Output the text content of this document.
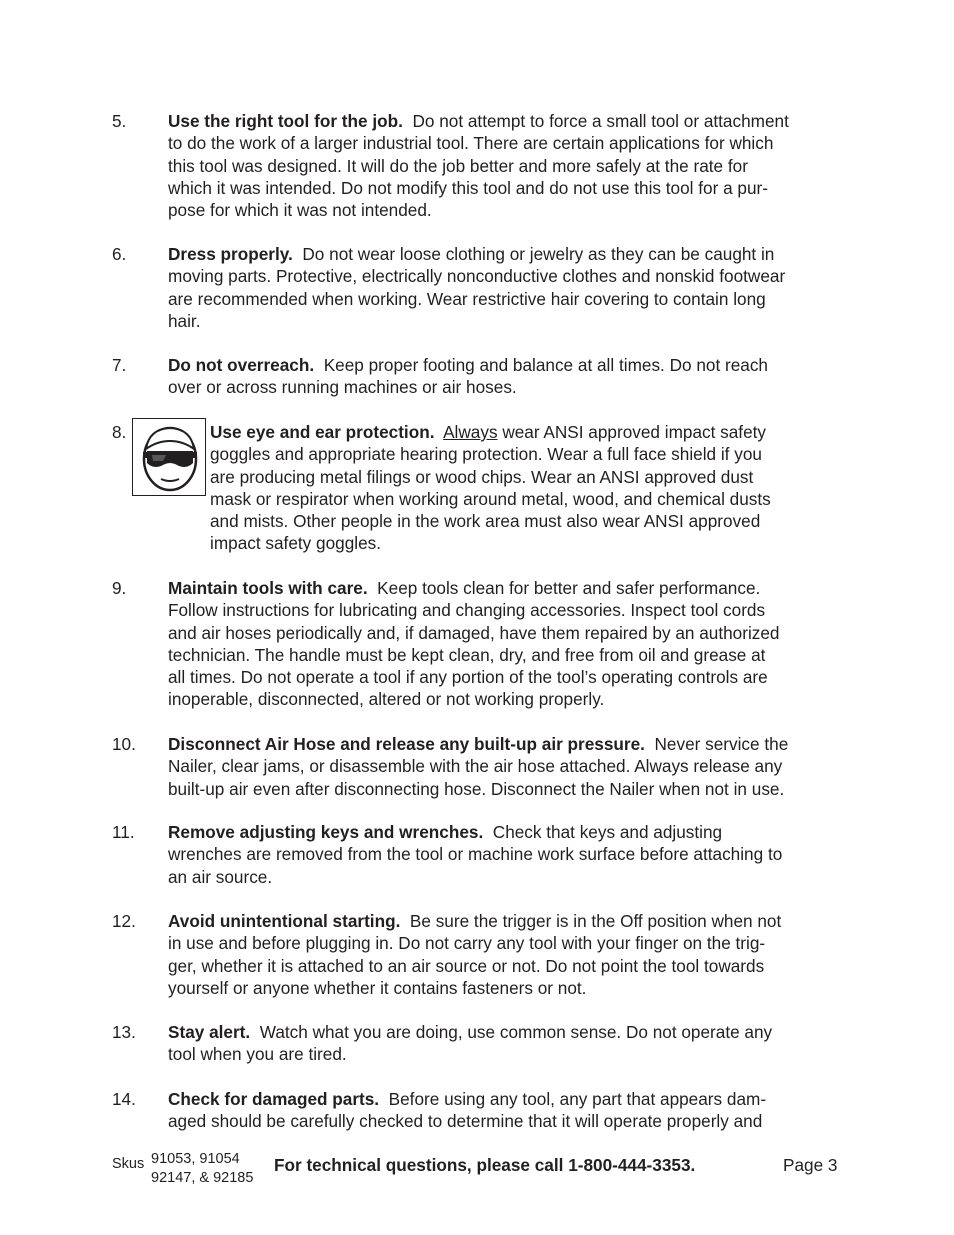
5. Use the right tool for the job. Do not attempt to force a small tool or attachment
to do the work of a larger industrial tool. There are certain applications for which
this tool was designed. It will do the job better and more safely at the rate for
which it was intended. Do not modify this tool and do not use this tool for a pur-
pose for which it was not intended.
6. Dress properly. Do not wear loose clothing or jewelry as they can be caught in
moving parts. Protective, electrically nonconductive clothes and nonskid footwear
are recommended when working. Wear restrictive hair covering to contain long
hair.
7. Do not overreach. Keep proper footing and balance at all times. Do not reach
over or across running machines or air hoses.
8.	Use eye and ear protection. Always wear ANSI approved impact safety
goggles and appropriate hearing protection. Wear a full face shield if you
are producing metal filings or wood chips. Wear an ANSI approved dust
mask or respirator when working around metal, wood, and chemical dusts
and mists. Other people in the work area must also wear ANSI approved
impact safety goggles.
9. Maintain tools with care. Keep tools clean for better and safer performance.
Follow instructions for lubricating and changing accessories. Inspect tool cords
and air hoses periodically and, if damaged, have them repaired by an authorized
technician. The handle must be kept clean, dry, and free from oil and grease at
all times. Do not operate a tool if any portion of the tool’s operating controls are
inoperable, disconnected, altered or not working properly.
10. Disconnect Air Hose and release any built-up air pressure. Never service the
Nailer, clear jams, or disassemble with the air hose attached. Always release any
built-up air even after disconnecting hose. Disconnect the Nailer when not in use.
11. Remove adjusting keys and wrenches. Check that keys and adjusting
wrenches are removed from the tool or machine work surface before attaching to
an air source.
12. Avoid unintentional starting. Be sure the trigger is in the Off position when not
in use and before plugging in. Do not carry any tool with your finger on the trig-
ger, whether it is attached to an air source or not. Do not point the tool towards
yourself or anyone whether it contains fasteners or not.
13. Stay alert. Watch what you are doing, use common sense. Do not operate any
tool when you are tired.
14. Check for damaged parts. Before using any tool, any part that appears dam-
aged should be carefully checked to determine that it will operate properly and
Skus 91053, 91054
92147, & 92185
For technical questions, please call 1-800-444-3353.	Page 3
